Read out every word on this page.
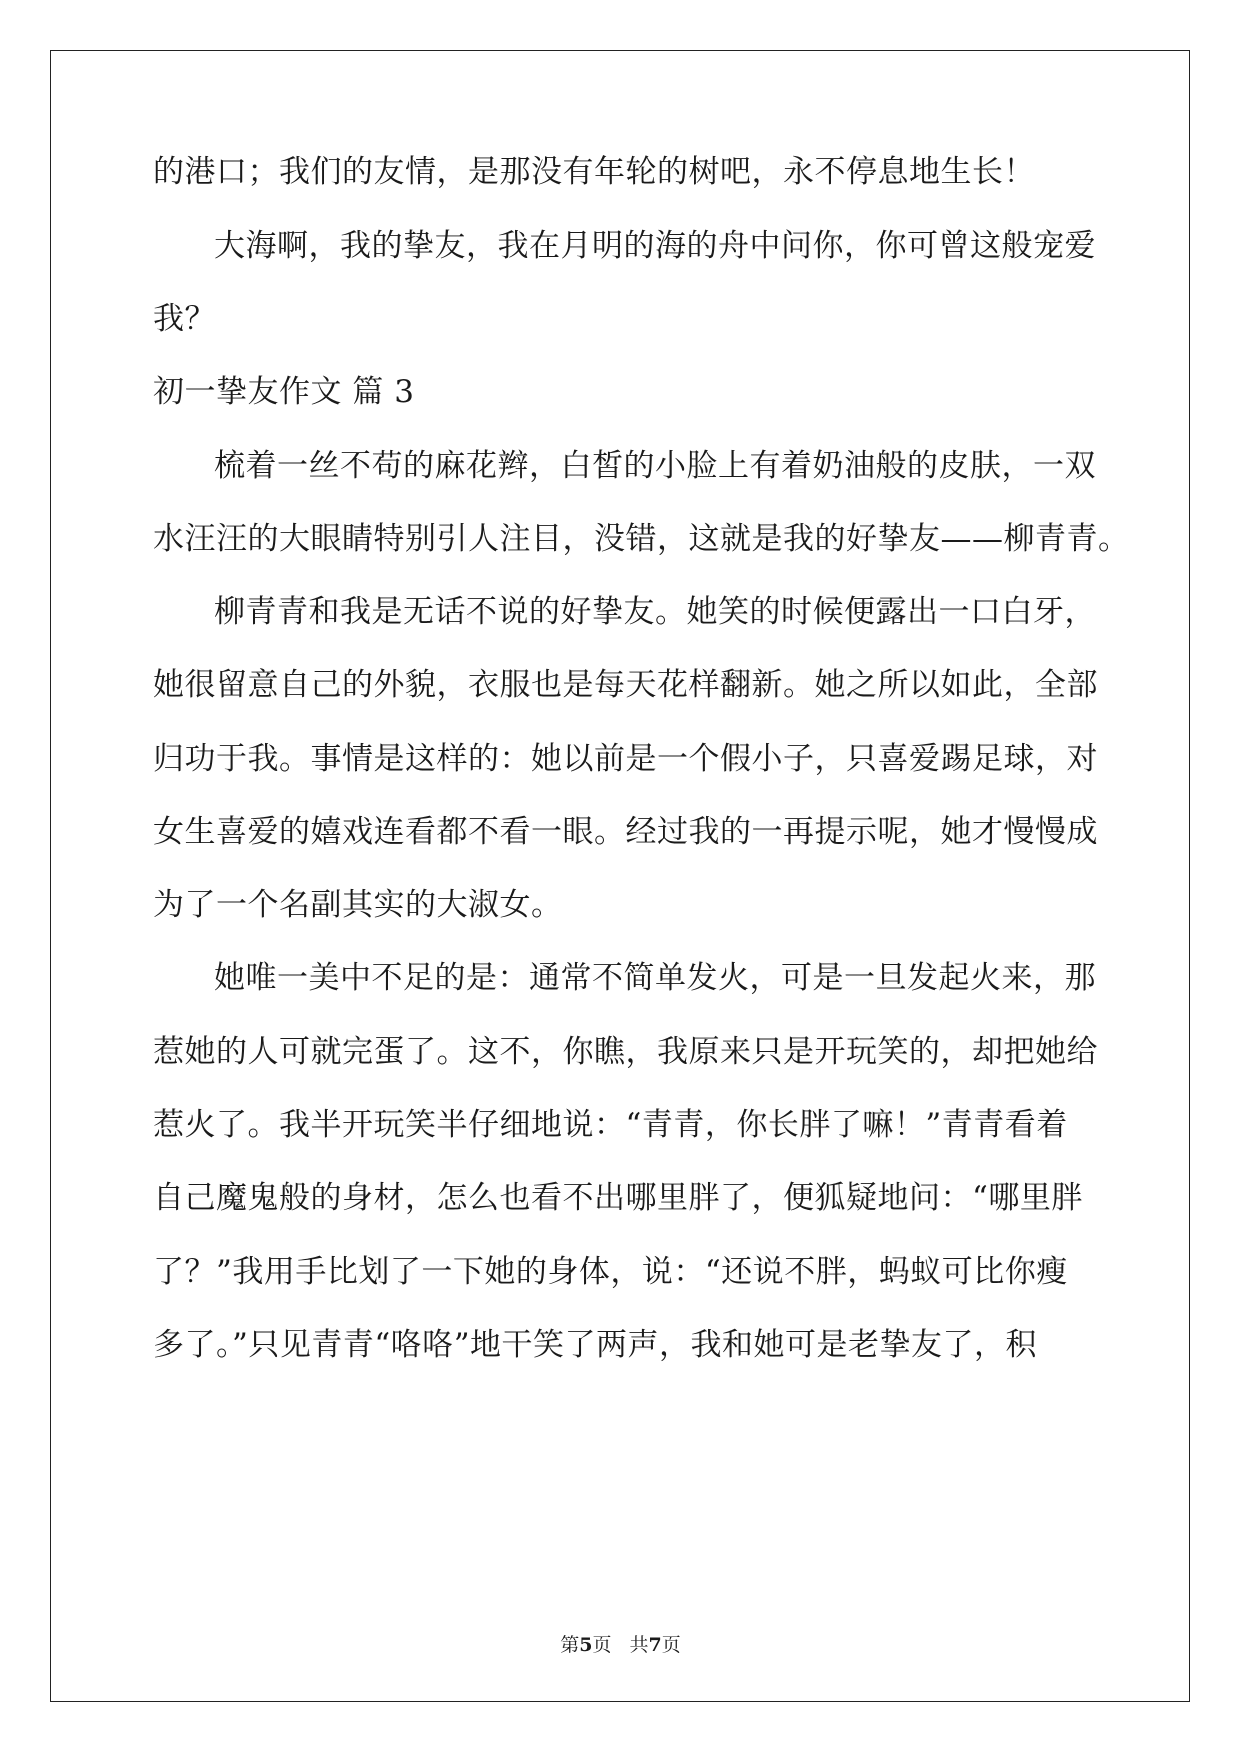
的港口；我们的友情，是那没有年轮的树吧，永不停息地生长！
大海啊，我的挚友，我在月明的海的舟中问你，你可曾这般宠爱
我？
初一挚友作文 篇 3
梳着一丝不苟的麻花辫，白皙的小脸上有着奶油般的皮肤，一双
水汪汪的大眼睛特别引人注目，没错，这就是我的好挚友——柳青青。
柳青青和我是无话不说的好挚友。她笑的时候便露出一口白牙，
她很留意自己的外貌，衣服也是每天花样翻新。她之所以如此，全部
归功于我。事情是这样的：她以前是一个假小子，只喜爱踢足球，对
女生喜爱的嬉戏连看都不看一眼。经过我的一再提示呢，她才慢慢成
为了一个名副其实的大淑女。
她唯一美中不足的是：通常不简单发火，可是一旦发起火来，那
惹她的人可就完蛋了。这不，你瞧，我原来只是开玩笑的，却把她给
惹火了。我半开玩笑半仔细地说：“青青，你长胖了嘛！”青青看着
自己魔鬼般的身材，怎么也看不出哪里胖了，便狐疑地问：“哪里胖
了？”我用手比划了一下她的身体，说：“还说不胖，蚂蚁可比你瘦
多了。”只见青青“咯咯”地干笑了两声，我和她可是老挚友了，积
第5页 共7页
